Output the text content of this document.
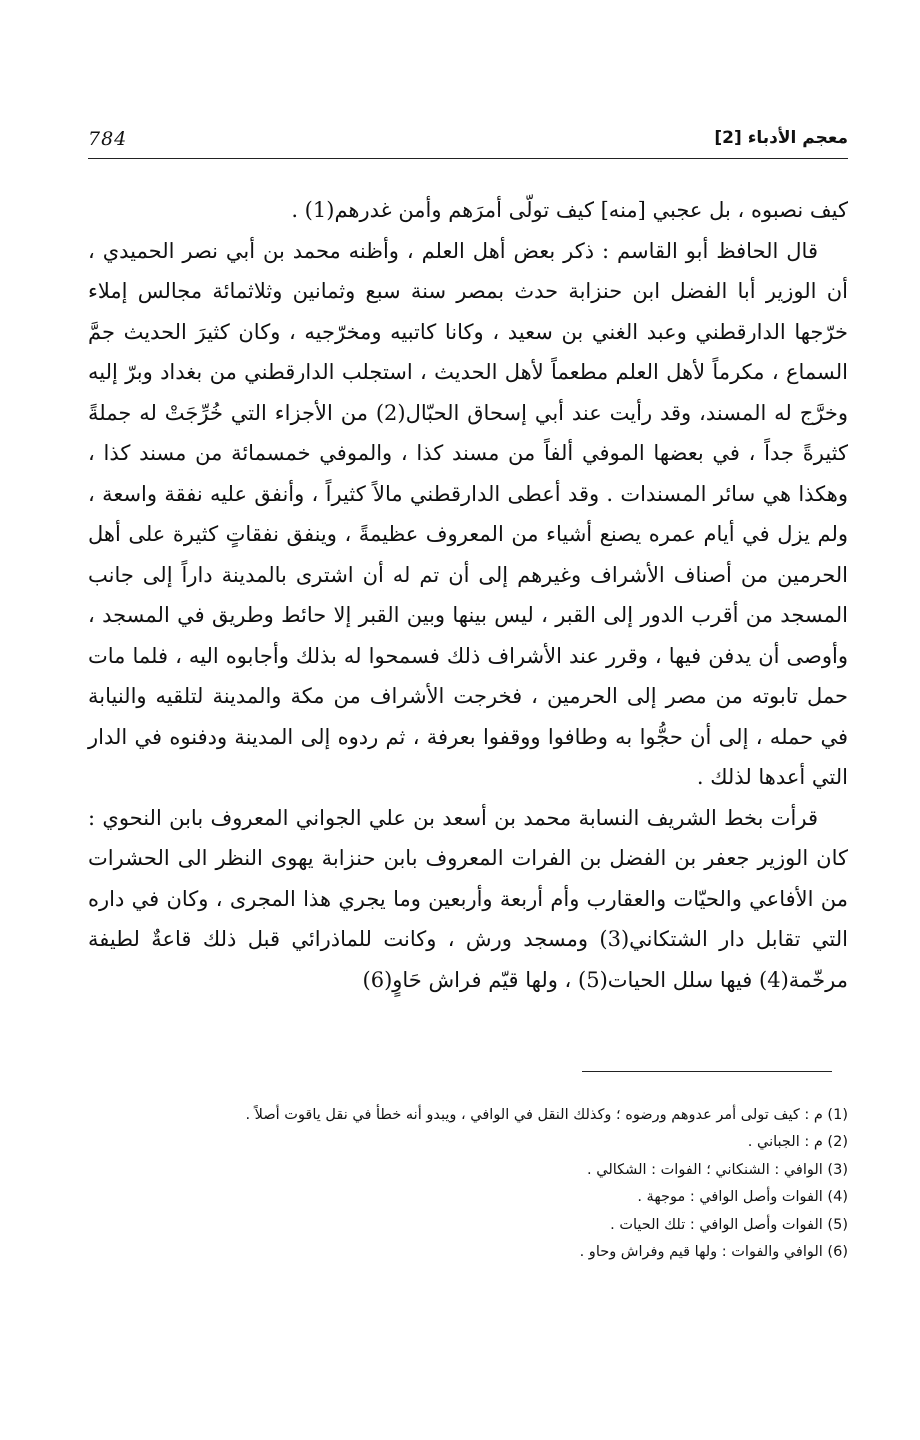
784	معجم الأدباء [2]

كيف نصبوه ، بل عجبي [منه] كيف تولّى أمرَهم وأمن غدرهم(1) .

قال الحافظ أبو القاسم : ذكر بعض أهل العلم ، وأظنه محمد بن أبي نصر الحميدي ، أن الوزير أبا الفضل ابن حنزابة حدث بمصر سنة سبع وثمانين وثلاثمائة مجالس إملاء خرّجها الدارقطني وعبد الغني بن سعيد ، وكانا كاتبيه ومخرّجيه ، وكان كثيرَ الحديث جمَّ السماع ، مكرماً لأهل العلم مطعماً لأهل الحديث ، استجلب الدارقطني من بغداد وبرّ إليه وخرَّج له المسند، وقد رأيت عند أبي إسحاق الحبّال(2) من الأجزاء التي خُرِّجَتْ له جملةً كثيرةً جداً ، في بعضها الموفي ألفاً من مسند كذا ، والموفي خمسمائة من مسند كذا ، وهكذا هي سائر المسندات . وقد أعطى الدارقطني مالاً كثيراً ، وأنفق عليه نفقة واسعة ، ولم يزل في أيام عمره يصنع أشياء من المعروف عظيمةً ، وينفق نفقاتٍ كثيرة على أهل الحرمين من أصناف الأشراف وغيرهم إلى أن تم له أن اشترى بالمدينة داراً إلى جانب المسجد من أقرب الدور إلى القبر ، ليس بينها وبين القبر إلا حائط وطريق في المسجد ، وأوصى أن يدفن فيها ، وقرر عند الأشراف ذلك فسمحوا له بذلك وأجابوه اليه ، فلما مات حمل تابوته من مصر إلى الحرمين ، فخرجت الأشراف من مكة والمدينة لتلقيه والنيابة في حمله ، إلى أن حجُّوا به وطافوا ووقفوا بعرفة ، ثم ردوه إلى المدينة ودفنوه في الدار التي أعدها لذلك .

قرأت بخط الشريف النسابة محمد بن أسعد بن علي الجواني المعروف بابن النحوي : كان الوزير جعفر بن الفضل بن الفرات المعروف بابن حنزابة يهوى النظر الى الحشرات من الأفاعي والحيّات والعقارب وأم أربعة وأربعين وما يجري هذا المجرى ، وكان في داره التي تقابل دار الشتكاني(3) ومسجد ورش ، وكانت للماذرائي قبل ذلك قاعةٌ لطيفة مرخّمة(4) فيها سلل الحيات(5) ، ولها قيّم فراش حَاوٍ(6)

(1) م : كيف تولى أمر عدوهم ورضوه ؛ وكذلك النقل في الوافي ، ويبدو أنه خطأ في نقل ياقوت أصلاً .

(2) م : الجباني .

(3) الوافي : الشنكاني ؛ الفوات : الشكالي .

(4) الفوات وأصل الوافي : موجهة .

(5) الفوات وأصل الوافي : تلك الحيات .

(6) الوافي والفوات : ولها قيم وفراش وحاو .
